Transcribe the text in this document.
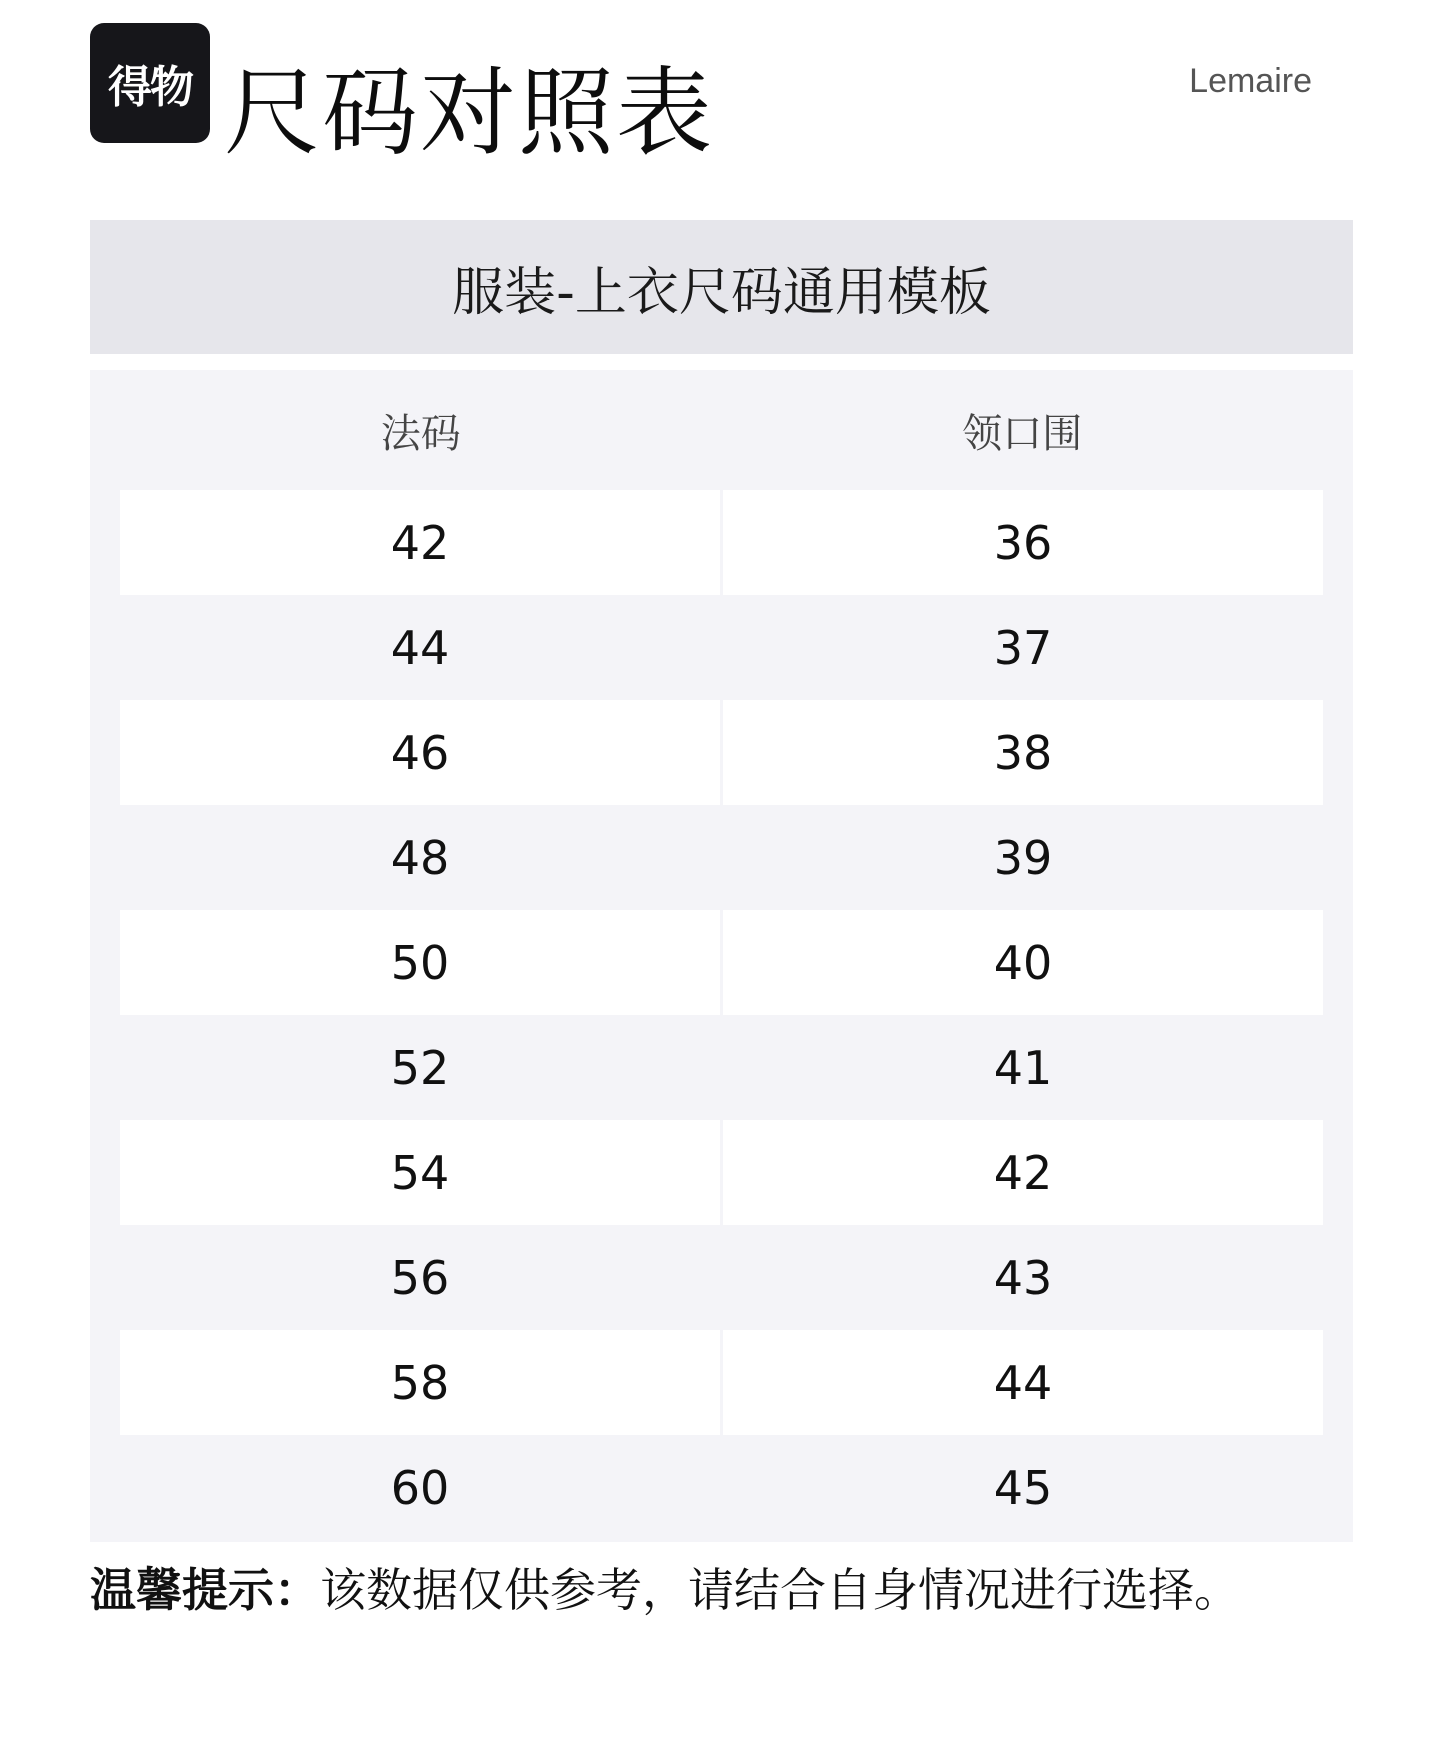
得物 尺码对照表	Lemaire
服装-上衣尺码通用模板
法码	领口围
42	36
44	37
46	38
48	39
50	40
52	41
54	42
56	43
58	44
60	45
温馨提示：该数据仅供参考，请结合自身情况进行选择。
